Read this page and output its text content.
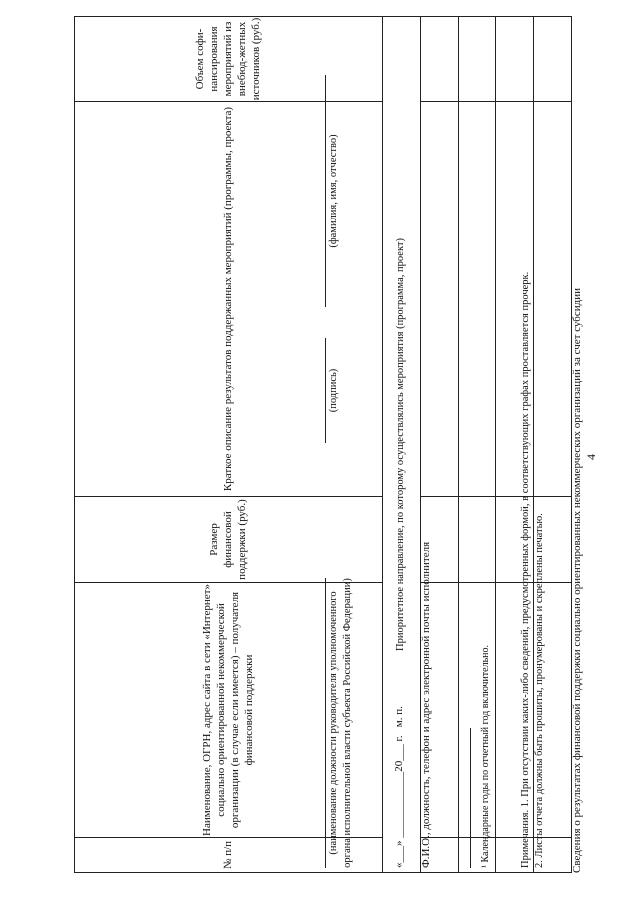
4
Сведения о результатах финансовой поддержки социально ориентированных некоммерческих организаций за счет субсидии
№ п/п	Наименование, ОГРН, адрес сайта в сети «Интернет» социально ориентированной некоммерческой организации (в случае если имеется) – получателя финансовой поддержки	Размер финансовой поддержки (руб.)	Краткое описание результатов поддержанных мероприятий (программы, проекта)	Объем софи-нансирования мероприятий из внебюд-жетных источников (руб.)
Приоритетное направление, по которому осуществлялись мероприятия (программа, проект)				

(наименование должности руководителя уполномоченного органа исполнительной власти субъекта Российской Федерации)
(подпись)
(фамилия, имя, отчество)
«___» ____________20___ г.   м. п. Ф.И.О., должность, телефон и адрес электронной почты исполнителя	¹ Календарные годы по отчетный год включительно.	Примечания. 1. При отсутствии каких-либо сведений, предусмотренных формой, в соответствующих графах проставляется прочерк. 2. Листы отчета должны быть прошиты, пронумерованы и скреплены печатью.
